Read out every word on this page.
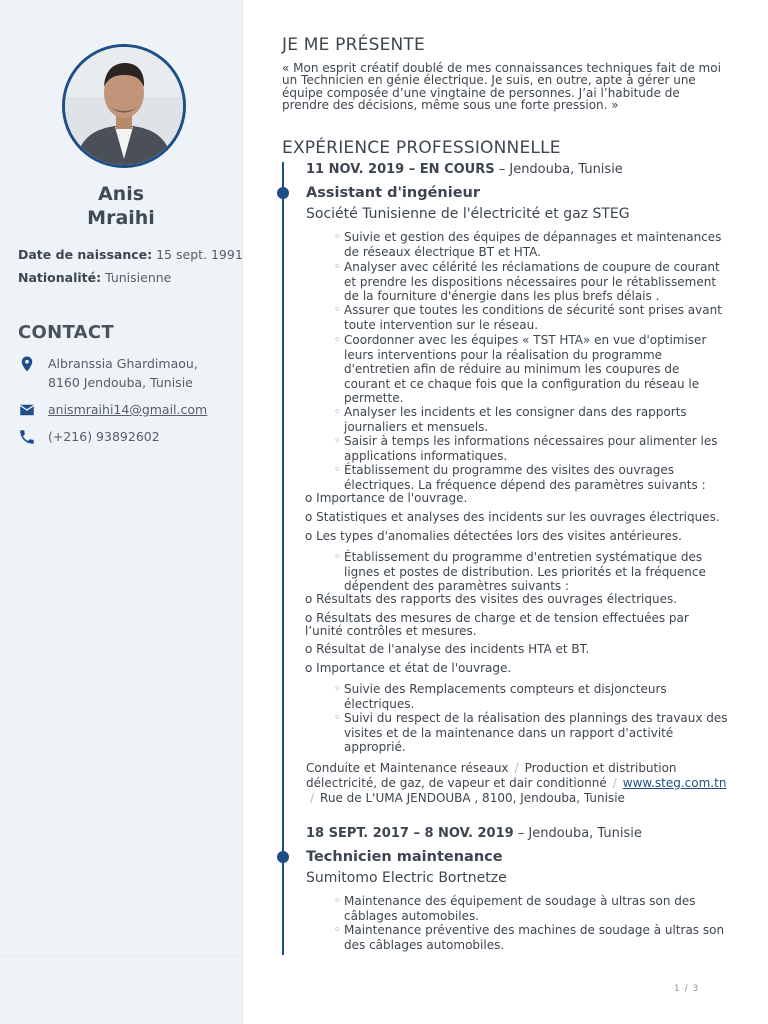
Anis
Mraihi
Date de naissance: 15 sept. 1991
Nationalité: Tunisienne
CONTACT
Albranssia Ghardimaou,
8160 Jendouba, Tunisie
anismraihi14@gmail.com
(+216) 93892602
JE ME PRÉSENTE
« Mon esprit créatif doublé de mes connaissances techniques fait de moi un Technicien en génie électrique. Je suis, en outre, apte à gérer une équipe composée d’une vingtaine de personnes. J’ai l’habitude de prendre des décisions, même sous une forte pression. »
EXPÉRIENCE PROFESSIONNELLE
11 NOV. 2019 – EN COURS – Jendouba, Tunisie
Assistant d'ingénieur
Société Tunisienne de l'électricité et gaz STEG
◦ Suivie et gestion des équipes de dépannages et maintenances de réseaux électrique BT et HTA.
◦ Analyser avec célérité les réclamations de coupure de courant et prendre les dispositions nécessaires pour le rétablissement de la fourniture d'énergie dans les plus brefs délais .
◦ Assurer que toutes les conditions de sécurité sont prises avant toute intervention sur le réseau.
◦ Coordonner avec les équipes « TST HTA» en vue d'optimiser leurs interventions pour la réalisation du programme d'entretien afin de réduire au minimum les coupures de courant et ce chaque fois que la configuration du réseau le permette.
◦ Analyser les incidents et les consigner dans des rapports journaliers et mensuels.
◦ Saisir à temps les informations nécessaires pour alimenter les applications informatiques.
◦ Établissement du programme des visites des ouvrages électriques. La fréquence dépend des paramètres suivants :
o Importance de l'ouvrage.
o Statistiques et analyses des incidents sur les ouvrages électriques.
o Les types d'anomalies détectées lors des visites antérieures.
◦ Établissement du programme d'entretien systématique des lignes et postes de distribution. Les priorités et la fréquence dépendent des paramètres suivants :
o Résultats des rapports des visites des ouvrages électriques.
o Résultats des mesures de charge et de tension effectuées par l’unité contrôles et mesures.
o Résultat de l'analyse des incidents HTA et BT.
o Importance et état de l'ouvrage.
◦ Suivie des Remplacements compteurs et disjoncteurs électriques.
◦ Suivi du respect de la réalisation des plannings des travaux des visites et de la maintenance dans un rapport d'activité approprié.
Conduite et Maintenance réseaux / Production et distribution délectricité, de gaz, de vapeur et dair conditionné / www.steg.com.tn
/ Rue de L'UMA JENDOUBA , 8100, Jendouba, Tunisie
18 SEPT. 2017 – 8 NOV. 2019 – Jendouba, Tunisie
Technicien maintenance
Sumitomo Electric Bortnetze
◦ Maintenance des équipement de soudage à ultras son des câblages automobiles.
◦ Maintenance préventive des machines de soudage à ultras son des câblages automobiles.
1 / 3
